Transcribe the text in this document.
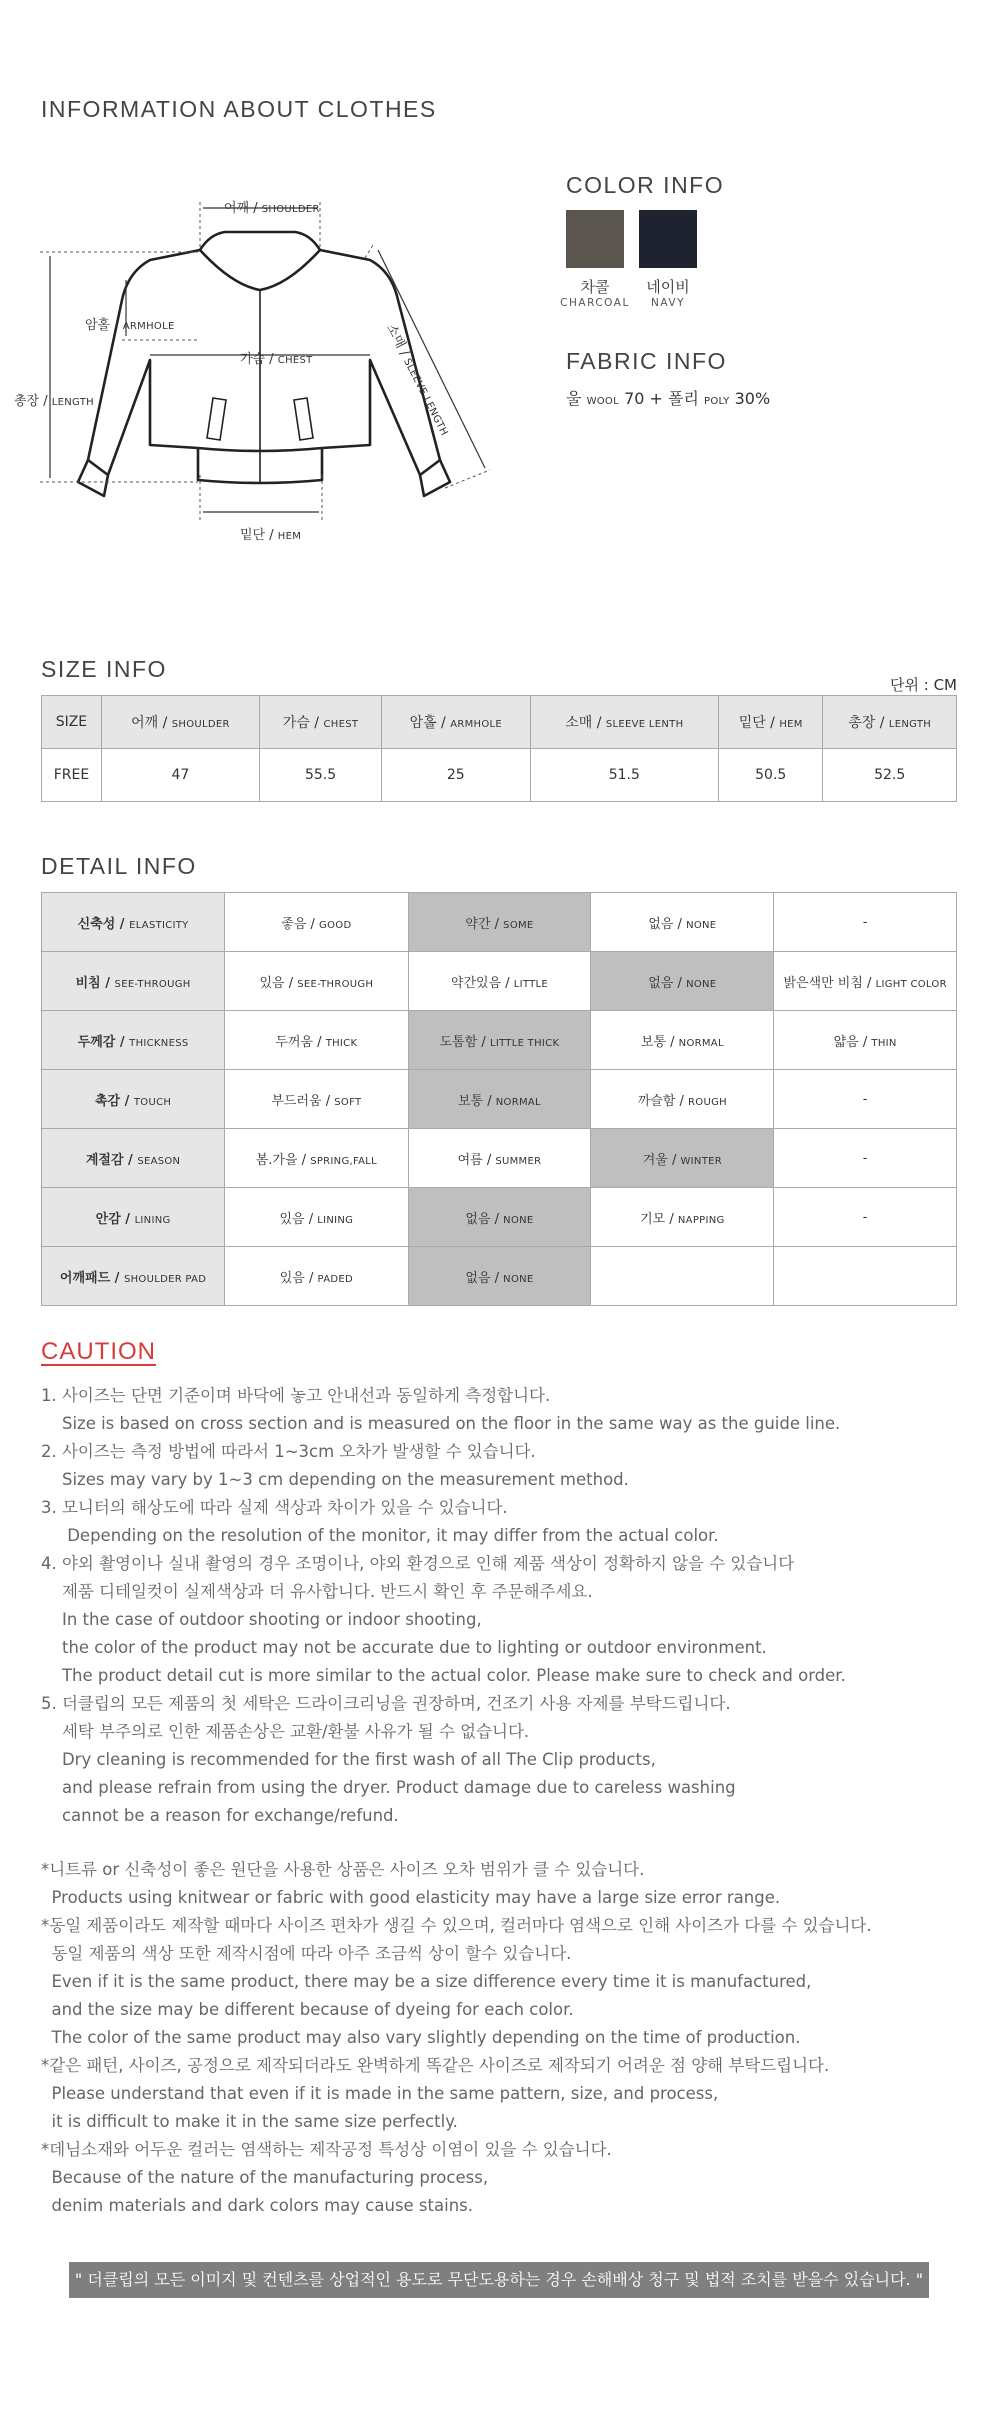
INFORMATION ABOUT CLOTHES
어깨 / SHOULDER
암홀 / ARMHOLE
가슴 / CHEST
총장 / LENGTH
소매 / SLEEVE LENGTH
밑단 / HEM
COLOR INFO
차콜
CHARCOAL
네이비
NAVY
FABRIC INFO
울 WOOL 70 + 폴리 POLY 30%
SIZE INFO
단위 : CM
SIZE	어깨 / SHOULDER	가슴 / CHEST	암홀 / ARMHOLE	소매 / SLEEVE LENTH	밑단 / HEM	총장 / LENGTH
FREE	47	55.5	25	51.5	50.5	52.5
DETAIL INFO
신축성 / ELASTICITY	좋음 / GOOD	약간 / SOME	없음 / NONE	-
비침 / SEE-THROUGH	있음 / SEE-THROUGH	약간있음 / LITTLE	없음 / NONE	밝은색만 비침 / LIGHT COLOR
두께감 / THICKNESS	두꺼움 / THICK	도톰함 / LITTLE THICK	보통 / NORMAL	얇음 / THIN
촉감 / TOUCH	부드러움 / SOFT	보통 / NORMAL	까슬함 / ROUGH	-
계절감 / SEASON	봄.가을 / SPRING,FALL	여름 / SUMMER	겨울 / WINTER	-
안감 / LINING	있음 / LINING	없음 / NONE	기모 / NAPPING	-
어깨패드 / SHOULDER PAD	있음 / PADED	없음 / NONE		
CAUTION
1. 사이즈는 단면 기준이며 바닥에 놓고 안내선과 동일하게 측정합니다.
Size is based on cross section and is measured on the floor in the same way as the guide line.
2. 사이즈는 측정 방법에 따라서 1~3cm 오차가 발생할 수 있습니다.
Sizes may vary by 1~3 cm depending on the measurement method.
3. 모니터의 해상도에 따라 실제 색상과 차이가 있을 수 있습니다.
Depending on the resolution of the monitor, it may differ from the actual color.
4. 야외 촬영이나 실내 촬영의 경우 조명이나, 야외 환경으로 인해 제품 색상이 정확하지 않을 수 있습니다
제품 디테일컷이 실제색상과 더 유사합니다. 반드시 확인 후 주문해주세요.
In the case of outdoor shooting or indoor shooting,
the color of the product may not be accurate due to lighting or outdoor environment.
The product detail cut is more similar to the actual color. Please make sure to check and order.
5. 더클립의 모든 제품의 첫 세탁은 드라이크리닝을 권장하며, 건조기 사용 자제를 부탁드립니다.
세탁 부주의로 인한 제품손상은 교환/환불 사유가 될 수 없습니다.
Dry cleaning is recommended for the first wash of all The Clip products,
and please refrain from using the dryer. Product damage due to careless washing
cannot be a reason for exchange/refund.
*니트류 or 신축성이 좋은 원단을 사용한 상품은 사이즈 오차 범위가 클 수 있습니다.
Products using knitwear or fabric with good elasticity may have a large size error range.
*동일 제품이라도 제작할 때마다 사이즈 편차가 생길 수 있으며, 컬러마다 염색으로 인해 사이즈가 다를 수 있습니다.
동일 제품의 색상 또한 제작시점에 따라 아주 조금씩 상이 할수 있습니다.
Even if it is the same product, there may be a size difference every time it is manufactured,
and the size may be different because of dyeing for each color.
The color of the same product may also vary slightly depending on the time of production.
*같은 패턴, 사이즈, 공정으로 제작되더라도 완벽하게 똑같은 사이즈로 제작되기 어려운 점 양해 부탁드립니다.
Please understand that even if it is made in the same pattern, size, and process,
it is difficult to make it in the same size perfectly.
*데님소재와 어두운 컬러는 염색하는 제작공정 특성상 이염이 있을 수 있습니다.
Because of the nature of the manufacturing process,
denim materials and dark colors may cause stains.
" 더클립의 모든 이미지 및 컨텐츠를 상업적인 용도로 무단도용하는 경우 손해배상 청구 및 법적 조치를 받을수 있습니다. "
